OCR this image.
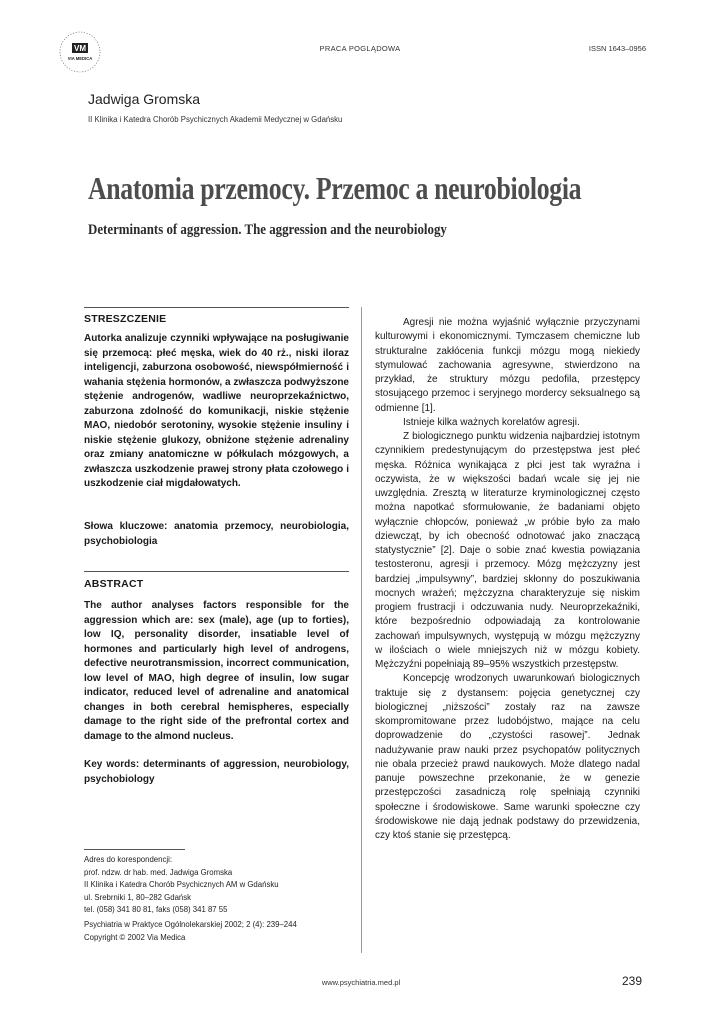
VM
VIA MEDICA
PRACA POGLĄDOWA	ISSN 1643–0956
Jadwiga Gromska
II Klinika i Katedra Chorób Psychicznych Akademii Medycznej w Gdańsku
Anatomia przemocy. Przemoc a neurobiologia
Determinants of aggression. The aggression and the neurobiology
STRESZCZENIE

Autorka analizuje czynniki wpływające na posługiwanie się przemocą: płeć męska, wiek do 40 rż., niski iloraz inteligencji, zaburzona osobowość, niewspółmierność i wahania stężenia hormonów, a zwłaszcza podwyższone stężenie androgenów, wadliwe neuroprzekaźnictwo, zaburzona zdolność do komunikacji, niskie stężenie MAO, niedobór serotoniny, wysokie stężenie insuliny i niskie stężenie glukozy, obniżone stężenie adrenaliny oraz zmiany anatomiczne w półkulach mózgowych, a zwłaszcza uszkodzenie prawej strony płata czołowego i uszkodzenie ciał migdałowatych.

Słowa kluczowe: anatomia przemocy, neurobiologia, psychobiologia

ABSTRACT

The author analyses factors responsible for the aggression which are: sex (male), age (up to forties), low IQ, personality disorder, insatiable level of hormones and particularly high level of androgens, defective neurotransmission, incorrect communication, low level of MAO, high degree of insulin, low sugar indicator, reduced level of adrenaline and anatomical changes in both cerebral hemispheres, especially damage to the right side of the prefrontal cortex and damage to the almond nucleus.

Key words: determinants of aggression, neurobiology, psychobiology

Adres do korespondencji:
prof. ndzw. dr hab. med. Jadwiga Gromska
II Klinika i Katedra Chorób Psychicznych AM w Gdańsku
ul. Srebrniki 1, 80–282 Gdańsk
tel. (058) 341 80 81, faks (058) 341 87 55
Psychiatria w Praktyce Ogólnolekarskiej 2002; 2 (4): 239–244
Copyright © 2002 Via Medica

Agresji nie można wyjaśnić wyłącznie przyczynami kulturowymi i ekonomicznymi. Tymczasem chemiczne lub strukturalne zakłócenia funkcji mózgu mogą niekiedy stymulować zachowania agresywne, stwierdzono na przykład, że struktury mózgu pedofila, przestępcy stosującego przemoc i seryjnego mordercy seksualnego są odmienne [1].

Istnieje kilka ważnych korelatów agresji.

Z biologicznego punktu widzenia najbardziej istotnym czynnikiem predestynującym do przestępstwa jest płeć męska. Różnica wynikająca z płci jest tak wyraźna i oczywista, że w większości badań wcale się jej nie uwzględnia. Zresztą w literaturze kryminologicznej często można napotkać sformułowanie, że badaniami objęto wyłącznie chłopców, ponieważ „w próbie było za mało dziewcząt, by ich obecność odnotować jako znaczącą statystycznie” [2]. Daje o sobie znać kwestia powiązania testosteronu, agresji i przemocy. Mózg mężczyzny jest bardziej „impulsywny”, bardziej skłonny do poszukiwania mocnych wrażeń; mężczyzna charakteryzuje się niskim progiem frustracji i odczuwania nudy. Neuroprzekaźniki, które bezpośrednio odpowiadają za kontrolowanie zachowań impulsywnych, występują w mózgu mężczyzny w ilościach o wiele mniejszych niż w mózgu kobiety. Mężczyźni popełniają 89–95% wszystkich przestępstw.

Koncepcję wrodzonych uwarunkowań biologicznych traktuje się z dystansem: pojęcia genetycznej czy biologicznej „niższości” zostały raz na zawsze skompromitowane przez ludobójstwo, mające na celu doprowadzenie do „czystości rasowej”. Jednak nadużywanie praw nauki przez psychopatów politycznych nie obala przecież prawd naukowych. Może dlatego nadal panuje powszechne przekonanie, że w genezie przestępczości zasadniczą rolę spełniają czynniki społeczne i środowiskowe. Same warunki społeczne czy środowiskowe nie dają jednak podstawy do przewidzenia, czy ktoś stanie się przestępcą.

www.psychiatria.med.pl	239
